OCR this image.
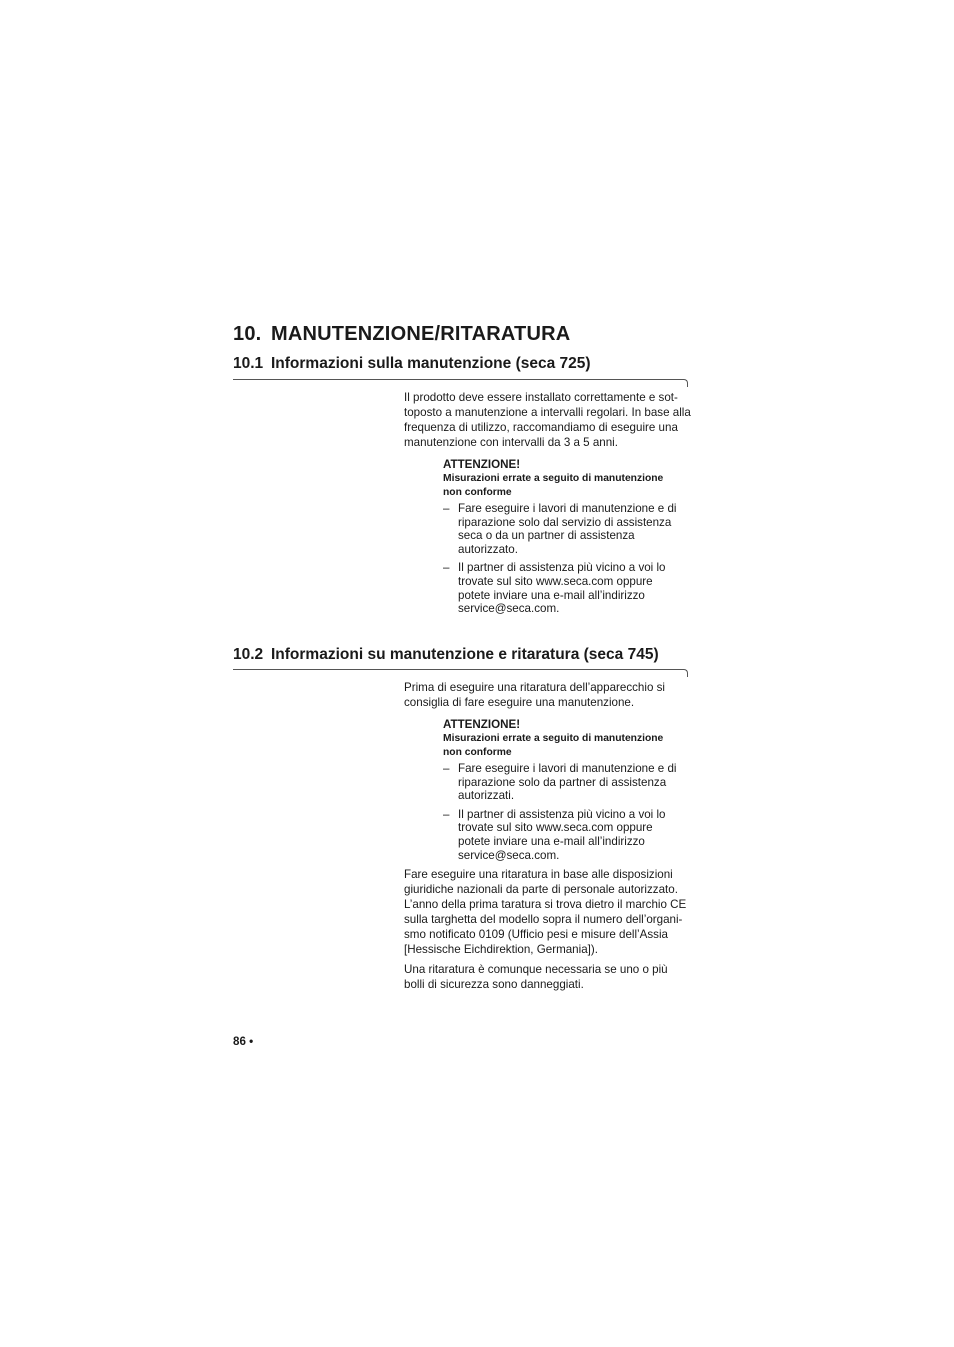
10. MANUTENZIONE/RITARATURA
10.1 Informazioni sulla manutenzione (seca 725)

Il prodotto deve essere installato correttamente e sot-

toposto a manutenzione a intervalli regolari. In base alla

frequenza di utilizzo, raccomandiamo di eseguire una

manutenzione con intervalli da 3 a 5 anni.

ATTENZIONE!
Misurazioni errate a seguito di manutenzione
non conforme
– Fare eseguire i lavori di manutenzione e di
riparazione solo dal servizio di assistenza
seca o da un partner di assistenza
autorizzato.
– Il partner di assistenza più vicino a voi lo
trovate sul sito www.seca.com oppure
potete inviare una e-mail all’indirizzo
service@seca.com.
10.2 Informazioni su manutenzione e ritaratura (seca 745)

Prima di eseguire una ritaratura dell’apparecchio si

consiglia di fare eseguire una manutenzione.

ATTENZIONE!
Misurazioni errate a seguito di manutenzione
non conforme
– Fare eseguire i lavori di manutenzione e di
riparazione solo da partner di assistenza
autorizzati.
– Il partner di assistenza più vicino a voi lo
trovate sul sito www.seca.com oppure
potete inviare una e-mail all’indirizzo
service@seca.com.

Fare eseguire una ritaratura in base alle disposizioni

giuridiche nazionali da parte di personale autorizzato.

L’anno della prima taratura si trova dietro il marchio CE

sulla targhetta del modello sopra il numero dell’organi-

smo notificato 0109 (Ufficio pesi e misure dell’Assia

[Hessische Eichdirektion, Germania]).

Una ritaratura è comunque necessaria se uno o più

bolli di sicurezza sono danneggiati.

86 •
